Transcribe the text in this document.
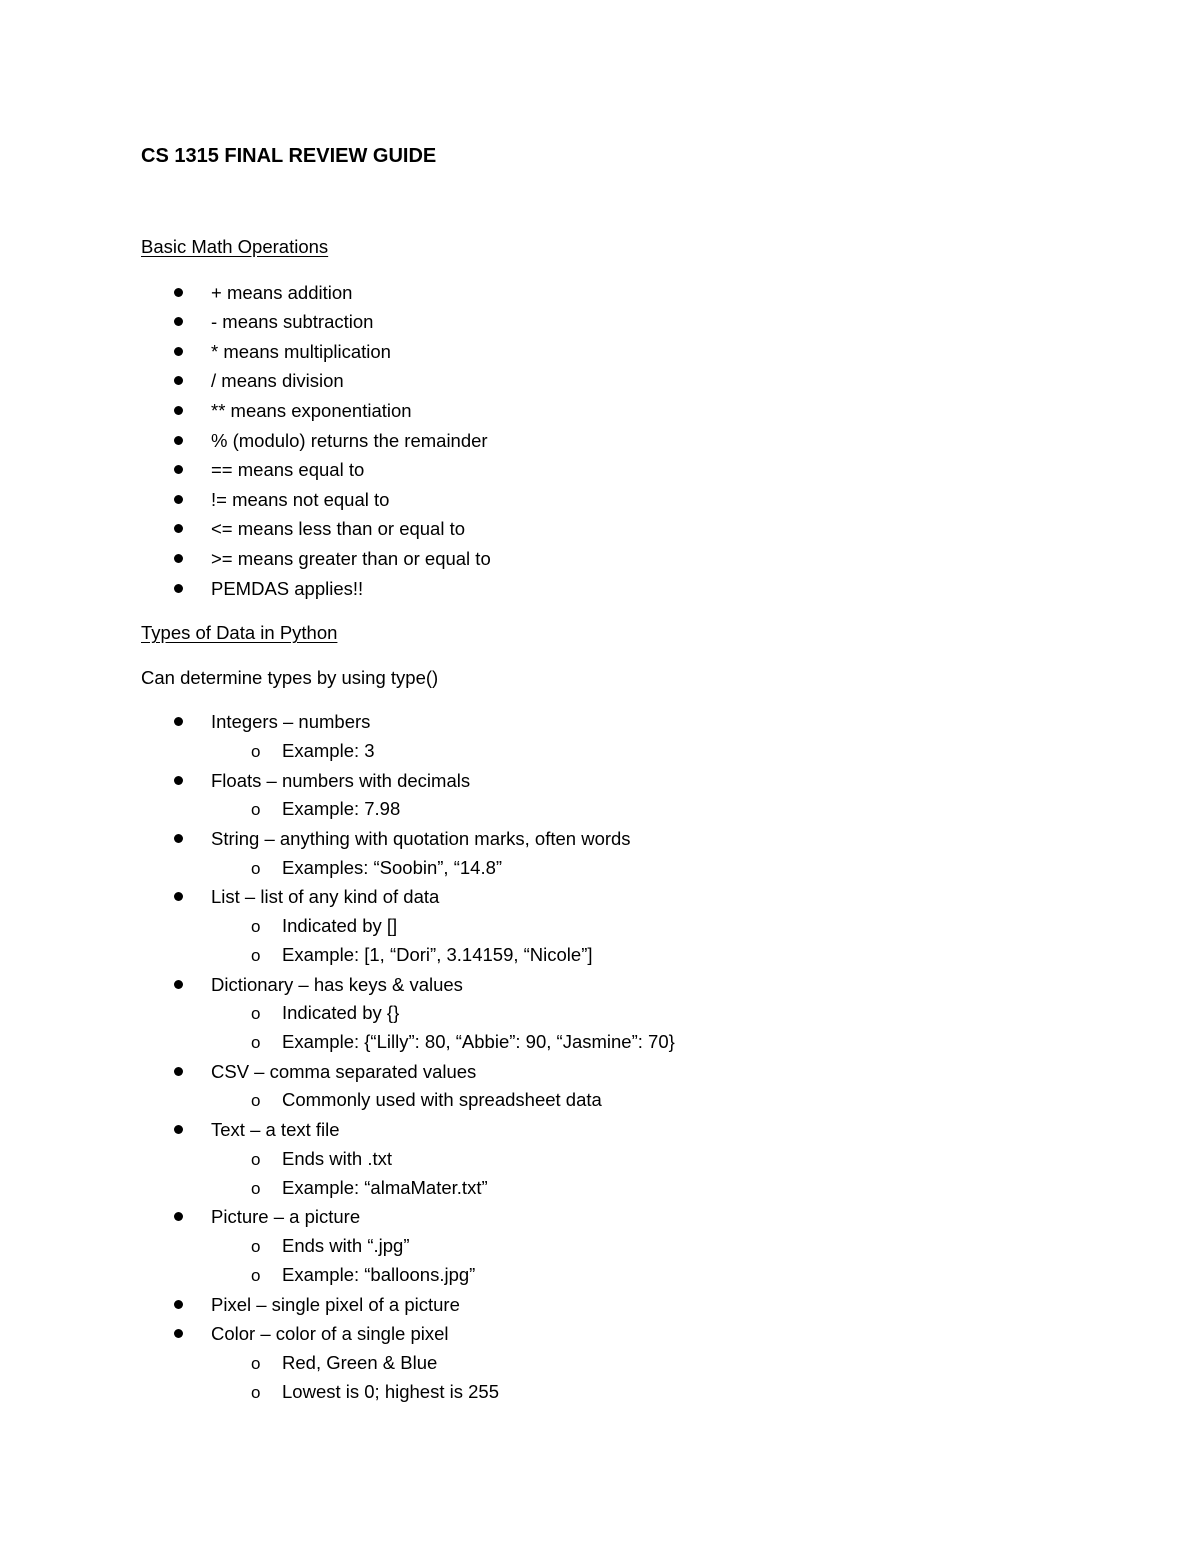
CS 1315 FINAL REVIEW GUIDE
Basic Math Operations
+ means addition
- means subtraction
* means multiplication
/ means division
** means exponentiation
% (modulo) returns the remainder
== means equal to
!= means not equal to
<= means less than or equal to
>= means greater than or equal to
PEMDAS applies!!
Types of Data in Python

Can determine types by using type()

Integers – numbers
o Example: 3
Floats – numbers with decimals
o Example: 7.98
String – anything with quotation marks, often words
o Examples: “Soobin”, “14.8”
List – list of any kind of data
o Indicated by []
o Example: [1, “Dori”, 3.14159, “Nicole”]
Dictionary – has keys & values
o Indicated by {}
o Example: {“Lilly”: 80, “Abbie”: 90, “Jasmine”: 70}
CSV – comma separated values
o Commonly used with spreadsheet data
Text – a text file
o Ends with .txt
o Example: “almaMater.txt”
Picture – a picture
o Ends with “.jpg”
o Example: “balloons.jpg”
Pixel – single pixel of a picture
Color – color of a single pixel
o Red, Green & Blue
o Lowest is 0; highest is 255
